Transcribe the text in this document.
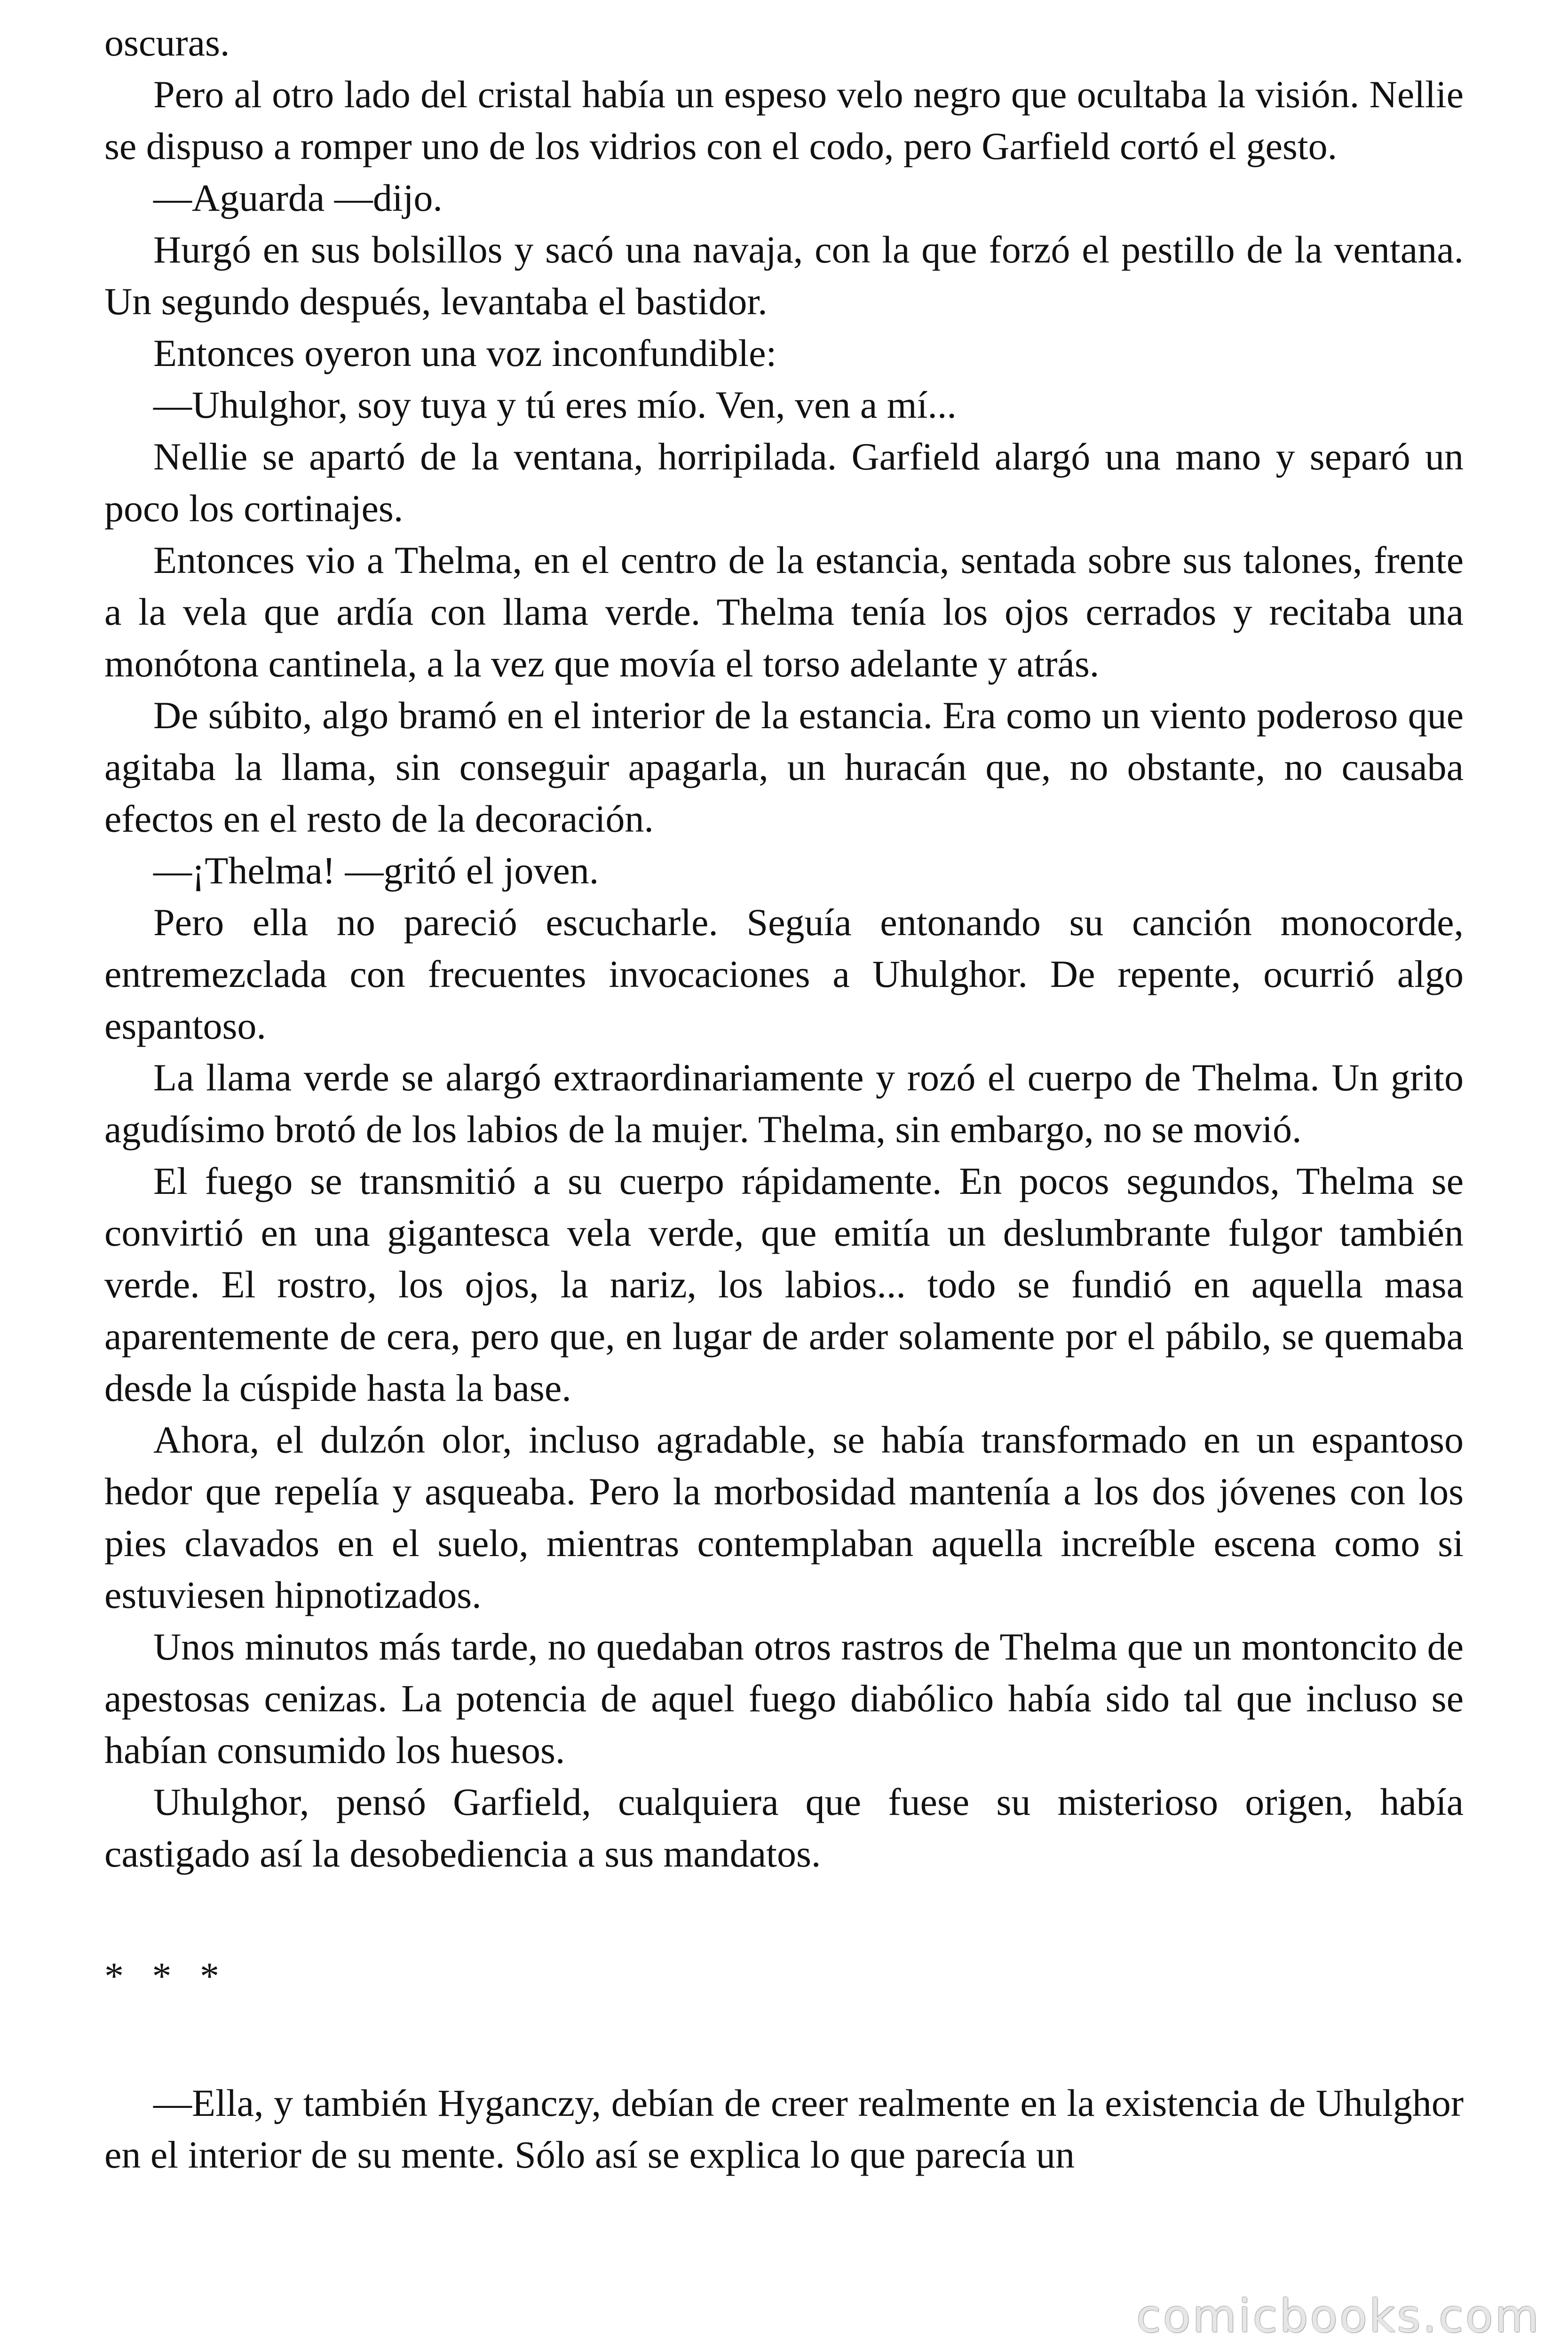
oscuras.

Pero al otro lado del cristal había un espeso velo negro que ocultaba la visión. Nellie se dispuso a romper uno de los vidrios con el codo, pero Garfield cortó el gesto.

—Aguarda —dijo.

Hurgó en sus bolsillos y sacó una navaja, con la que forzó el pestillo de la ventana. Un segundo después, levantaba el bastidor.

Entonces oyeron una voz inconfundible:

—Uhulghor, soy tuya y tú eres mío. Ven, ven a mí...

Nellie se apartó de la ventana, horripilada. Garfield alargó una mano y separó un poco los cortinajes.

Entonces vio a Thelma, en el centro de la estancia, sentada sobre sus talones, frente a la vela que ardía con llama verde. Thelma tenía los ojos cerrados y recitaba una monótona cantinela, a la vez que movía el torso adelante y atrás.

De súbito, algo bramó en el interior de la estancia. Era como un viento poderoso que agitaba la llama, sin conseguir apagarla, un huracán que, no obstante, no causaba efectos en el resto de la decoración.

—¡Thelma! —gritó el joven.

Pero ella no pareció escucharle. Seguía entonando su canción monocorde, entremezclada con frecuentes invocaciones a Uhulghor. De repente, ocurrió algo espantoso.

La llama verde se alargó extraordinariamente y rozó el cuerpo de Thelma. Un grito agudísimo brotó de los labios de la mujer. Thelma, sin embargo, no se movió.

El fuego se transmitió a su cuerpo rápidamente. En pocos segundos, Thelma se convirtió en una gigantesca vela verde, que emitía un deslumbrante fulgor también verde. El rostro, los ojos, la nariz, los labios... todo se fundió en aquella masa aparentemente de cera, pero que, en lugar de arder solamente por el pábilo, se quemaba desde la cúspide hasta la base.

Ahora, el dulzón olor, incluso agradable, se había transformado en un espantoso hedor que repelía y asqueaba. Pero la morbosidad mantenía a los dos jóvenes con los pies clavados en el suelo, mientras contemplaban aquella increíble escena como si estuviesen hipnotizados.

Unos minutos más tarde, no quedaban otros rastros de Thelma que un montoncito de apestosas cenizas. La potencia de aquel fuego diabólico había sido tal que incluso se habían consumido los huesos.

Uhulghor, pensó Garfield, cualquiera que fuese su misterioso origen, había castigado así la desobediencia a sus mandatos.

* * *

—Ella, y también Hyganczy, debían de creer realmente en la existencia de Uhulghor en el interior de su mente. Sólo así se explica lo que parecía un

comicbooks.com
